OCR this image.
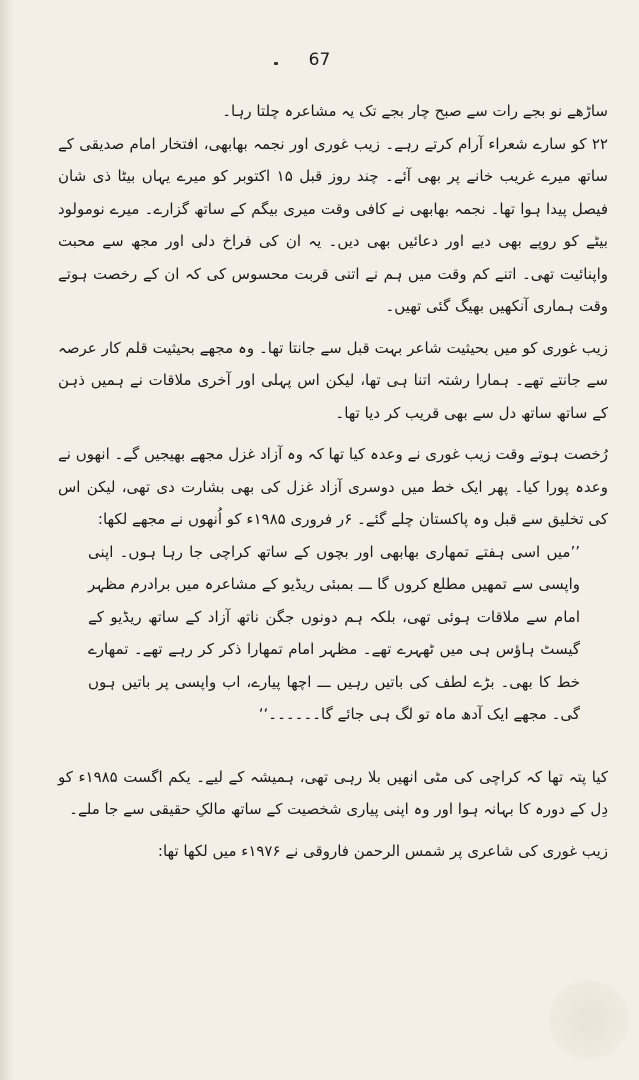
67

ساڑھے نو بجے رات سے صبح چار بجے تک یہ مشاعرہ چلتا رہا۔

۲۲ کو سارے شعراء آرام کرتے رہے۔ زیب غوری اور نجمہ بھابھی، افتخار امام صدیقی کے ساتھ میرے غریب خانے پر بھی آئے۔ چند روز قبل ۱۵ اکتوبر کو میرے یہاں بیٹا ذی شان فیصل پیدا ہوا تھا۔ نجمہ بھابھی نے کافی وقت میری بیگم کے ساتھ گزارے۔ میرے نومولود بیٹے کو روپے بھی دیے اور دعائیں بھی دیں۔ یہ ان کی فراخ دلی اور مجھ سے محبت واپنائیت تھی۔ اتنے کم وقت میں ہم نے اتنی قربت محسوس کی کہ ان کے رخصت ہوتے وقت ہماری آنکھیں بھیگ گئی تھیں۔

زیب غوری کو میں بحیثیت شاعر بہت قبل سے جانتا تھا۔ وہ مجھے بحیثیت قلم کار عرصہ سے جانتے تھے۔ ہمارا رشتہ اتنا ہی تھا، لیکن اس پہلی اور آخری ملاقات نے ہمیں ذہن کے ساتھ ساتھ دل سے بھی قریب کر دیا تھا۔

رُخصت ہوتے وقت زیب غوری نے وعدہ کیا تھا کہ وہ آزاد غزل مجھے بھیجیں گے۔ انھوں نے وعدہ پورا کیا۔ پھر ایک خط میں دوسری آزاد غزل کی بھی بشارت دی تھی، لیکن اس کی تخلیق سے قبل وہ پاکستان چلے گئے۔ ۶ر فروری ۱۹۸۵ء کو اُنھوں نے مجھے لکھا:

’’میں اسی ہفتے تمھاری بھابھی اور بچوں کے ساتھ کراچی جا رہا ہوں۔ اپنی واپسی سے تمھیں مطلع کروں گا ـــ بمبئی ریڈیو کے مشاعرہ میں برادرم مظہر امام سے ملاقات ہوئی تھی، بلکہ ہم دونوں جگن ناتھ آزاد کے ساتھ ریڈیو کے گیسٹ ہاؤس ہی میں ٹھہرے تھے۔ مظہر امام تمھارا ذکر کر رہے تھے۔ تمھارے خط کا بھی۔ بڑے لطف کی باتیں رہیں ـــ اچھا پیارے، اب واپسی پر باتیں ہوں گی۔ مجھے ایک آدھ ماہ تو لگ ہی جائے گا۔۔۔۔۔۔‘‘

کیا پتہ تھا کہ کراچی کی مٹی انھیں بلا رہی تھی، ہمیشہ کے لیے۔ یکم اگست ۱۹۸۵ء کو دِل کے دورہ کا بہانہ ہوا اور وہ اپنی پیاری شخصیت کے ساتھ مالکِ حقیقی سے جا ملے۔

زیب غوری کی شاعری پر شمس الرحمن فاروقی نے ۱۹۷۶ء میں لکھا تھا:
